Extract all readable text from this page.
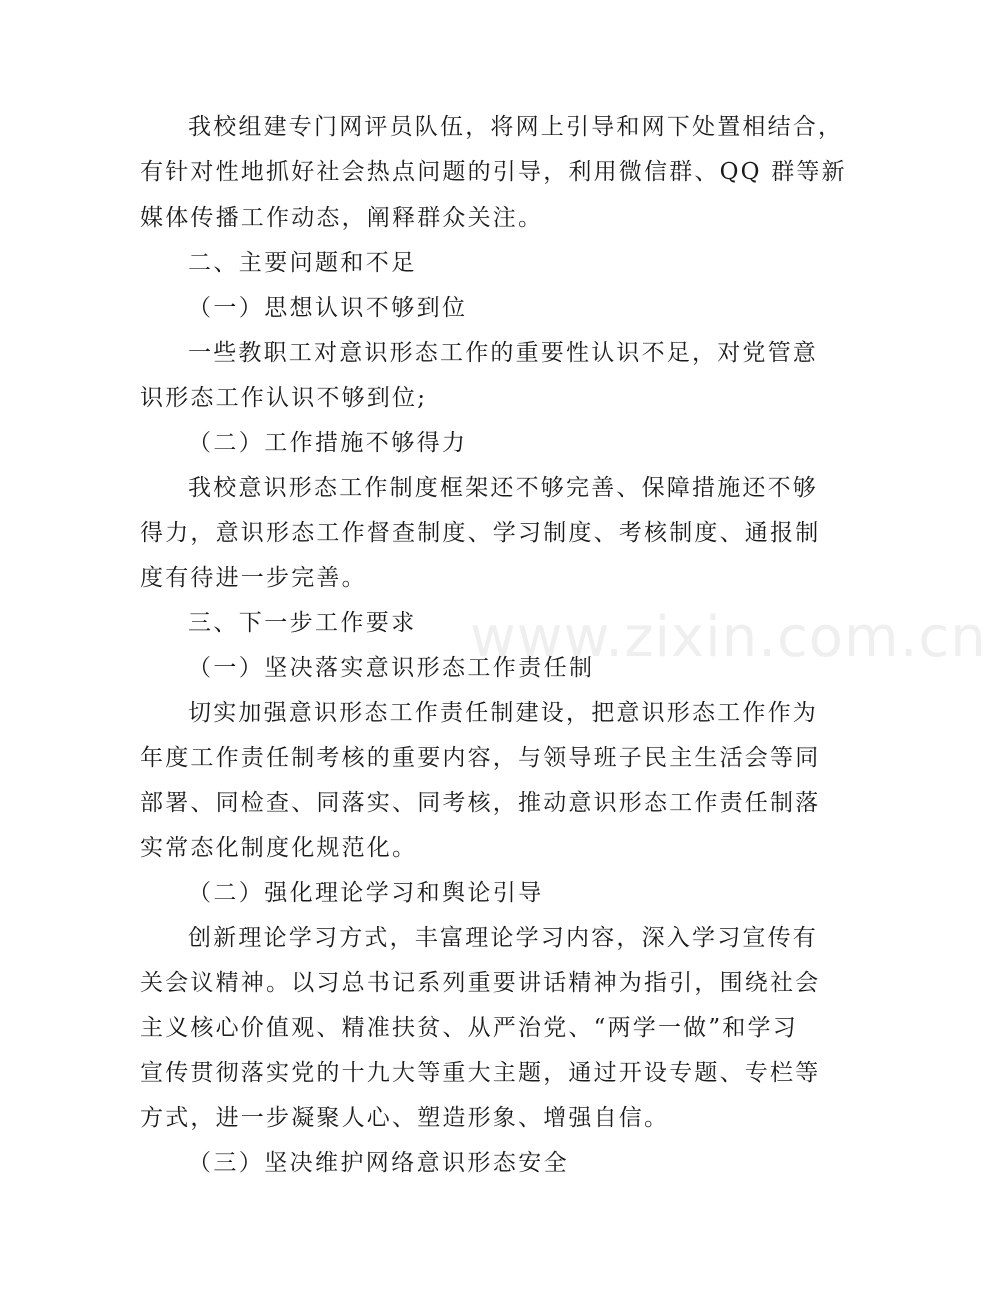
我校组建专门网评员队伍，将网上引导和网下处置相结合，
有针对性地抓好社会热点问题的引导，利用微信群、QQ 群等新
媒体传播工作动态，阐释群众关注。
二、主要问题和不足
（一）思想认识不够到位
一些教职工对意识形态工作的重要性认识不足，对党管意
识形态工作认识不够到位;
（二）工作措施不够得力
我校意识形态工作制度框架还不够完善、保障措施还不够
得力，意识形态工作督查制度、学习制度、考核制度、通报制
度有待进一步完善。
三、下一步工作要求
（一）坚决落实意识形态工作责任制
切实加强意识形态工作责任制建设，把意识形态工作作为
年度工作责任制考核的重要内容，与领导班子民主生活会等同
部署、同检查、同落实、同考核，推动意识形态工作责任制落
实常态化制度化规范化。
（二）强化理论学习和舆论引导
创新理论学习方式，丰富理论学习内容，深入学习宣传有
关会议精神。以习总书记系列重要讲话精神为指引，围绕社会
主义核心价值观、精准扶贫、从严治党、“两学一做”和学习
宣传贯彻落实党的十九大等重大主题，通过开设专题、专栏等
方式，进一步凝聚人心、塑造形象、增强自信。
（三）坚决维护网络意识形态安全
www.zixin.com.cn
